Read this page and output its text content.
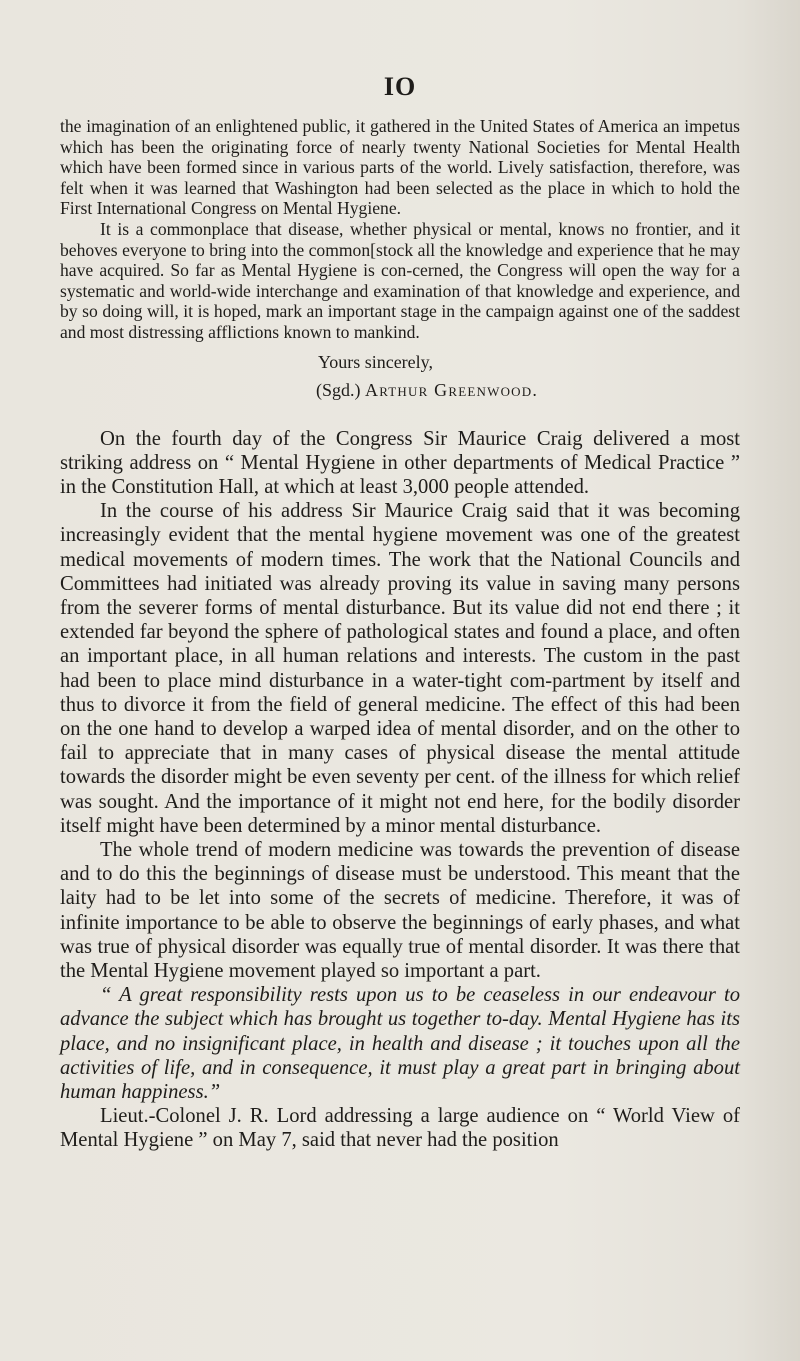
IO

the imagination of an enlightened public, it gathered in the United States of America an impetus which has been the originating force of nearly twenty National Societies for Mental Health which have been formed since in various parts of the world. Lively satisfaction, therefore, was felt when it was learned that Washington had been selected as the place in which to hold the First International Congress on Mental Hygiene.

It is a commonplace that disease, whether physical or mental, knows no frontier, and it behoves everyone to bring into the common[stock all the knowledge and experience that he may have acquired. So far as Mental Hygiene is con-cerned, the Congress will open the way for a systematic and world-wide interchange and examination of that knowledge and experience, and by so doing will, it is hoped, mark an important stage in the campaign against one of the saddest and most distressing afflictions known to mankind.

Yours sincerely,
(Sgd.) Arthur Greenwood.

On the fourth day of the Congress Sir Maurice Craig delivered a most striking address on “ Mental Hygiene in other departments of Medical Practice ” in the Constitution Hall, at which at least 3,000 people attended.

In the course of his address Sir Maurice Craig said that it was becoming increasingly evident that the mental hygiene movement was one of the greatest medical movements of modern times. The work that the National Councils and Committees had initiated was already proving its value in saving many persons from the severer forms of mental disturbance. But its value did not end there ; it extended far beyond the sphere of pathological states and found a place, and often an important place, in all human relations and interests. The custom in the past had been to place mind disturbance in a water-tight com-partment by itself and thus to divorce it from the field of general medicine. The effect of this had been on the one hand to develop a warped idea of mental disorder, and on the other to fail to appreciate that in many cases of physical disease the mental attitude towards the disorder might be even seventy per cent. of the illness for which relief was sought. And the importance of it might not end here, for the bodily disorder itself might have been determined by a minor mental disturbance.

The whole trend of modern medicine was towards the prevention of disease and to do this the beginnings of disease must be understood. This meant that the laity had to be let into some of the secrets of medicine. Therefore, it was of infinite importance to be able to observe the beginnings of early phases, and what was true of physical disorder was equally true of mental disorder. It was there that the Mental Hygiene movement played so important a part.

“ A great responsibility rests upon us to be ceaseless in our endeavour to advance the subject which has brought us together to-day. Mental Hygiene has its place, and no insignificant place, in health and disease ; it touches upon all the activities of life, and in consequence, it must play a great part in bringing about human happiness.”

Lieut.-Colonel J. R. Lord addressing a large audience on “ World View of Mental Hygiene ” on May 7, said that never had the position
